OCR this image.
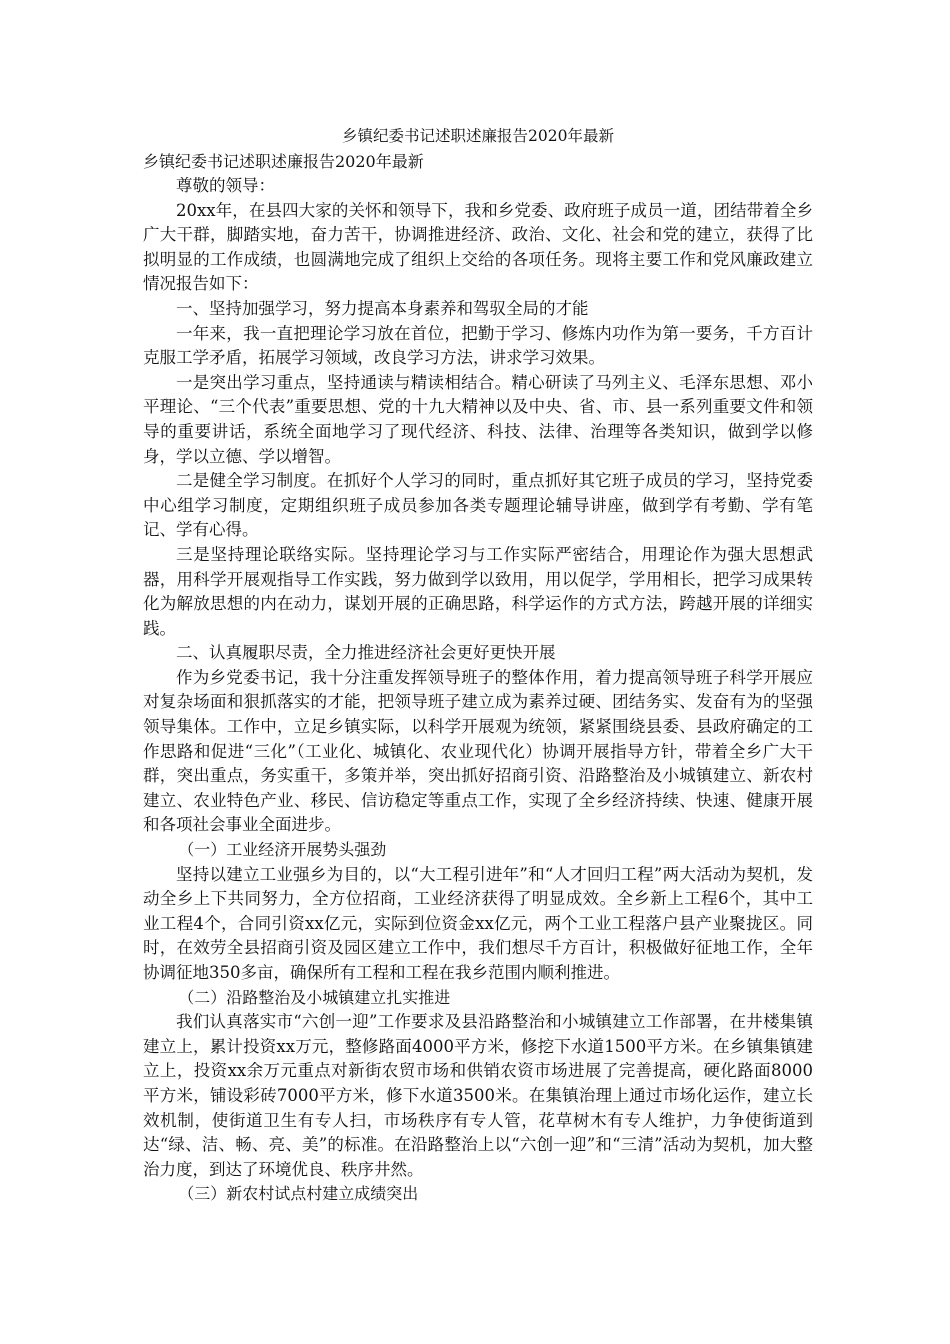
乡镇纪委书记述职述廉报告2020年最新

乡镇纪委书记述职述廉报告2020年最新

尊敬的领导：

20xx年，在县四大家的关怀和领导下，我和乡党委、政府班子成员一道，团结带着全乡广大干群，脚踏实地，奋力苦干，协调推进经济、政治、文化、社会和党的建立，获得了比拟明显的工作成绩，也圆满地完成了组织上交给的各项任务。现将主要工作和党风廉政建立情况报告如下：

一、坚持加强学习，努力提高本身素养和驾驭全局的才能

一年来，我一直把理论学习放在首位，把勤于学习、修炼内功作为第一要务，千方百计克服工学矛盾，拓展学习领域，改良学习方法，讲求学习效果。

一是突出学习重点，坚持通读与精读相结合。精心研读了马列主义、毛泽东思想、邓小平理论、“三个代表”重要思想、党的十九大精神以及中央、省、市、县一系列重要文件和领导的重要讲话，系统全面地学习了现代经济、科技、法律、治理等各类知识，做到学以修身，学以立德、学以增智。

二是健全学习制度。在抓好个人学习的同时，重点抓好其它班子成员的学习，坚持党委中心组学习制度，定期组织班子成员参加各类专题理论辅导讲座，做到学有考勤、学有笔记、学有心得。

三是坚持理论联络实际。坚持理论学习与工作实际严密结合，用理论作为强大思想武器，用科学开展观指导工作实践，努力做到学以致用，用以促学，学用相长，把学习成果转化为解放思想的内在动力，谋划开展的正确思路，科学运作的方式方法，跨越开展的详细实践。

二、认真履职尽责，全力推进经济社会更好更快开展

作为乡党委书记，我十分注重发挥领导班子的整体作用，着力提高领导班子科学开展应对复杂场面和狠抓落实的才能，把领导班子建立成为素养过硬、团结务实、发奋有为的坚强领导集体。工作中，立足乡镇实际，以科学开展观为统领，紧紧围绕县委、县政府确定的工作思路和促进“三化”（工业化、城镇化、农业现代化）协调开展指导方针，带着全乡广大干群，突出重点，务实重干，多策并举，突出抓好招商引资、沿路整治及小城镇建立、新农村建立、农业特色产业、移民、信访稳定等重点工作，实现了全乡经济持续、快速、健康开展和各项社会事业全面进步。

（一）工业经济开展势头强劲

坚持以建立工业强乡为目的，以“大工程引进年”和“人才回归工程”两大活动为契机，发动全乡上下共同努力，全方位招商，工业经济获得了明显成效。全乡新上工程6个，其中工业工程4个，合同引资xx亿元，实际到位资金xx亿元，两个工业工程落户县产业聚拢区。同时，在效劳全县招商引资及园区建立工作中，我们想尽千方百计，积极做好征地工作，全年协调征地350多亩，确保所有工程和工程在我乡范围内顺利推进。

（二）沿路整治及小城镇建立扎实推进

我们认真落实市“六创一迎”工作要求及县沿路整治和小城镇建立工作部署，在井楼集镇建立上，累计投资xx万元，整修路面4000平方米，修挖下水道1500平方米。在乡镇集镇建立上，投资xx余万元重点对新街农贸市场和供销农资市场进展了完善提高，硬化路面8000平方米，铺设彩砖7000平方米，修下水道3500米。在集镇治理上通过市场化运作，建立长效机制，使街道卫生有专人扫，市场秩序有专人管，花草树木有专人维护，力争使街道到达“绿、洁、畅、亮、美”的标准。在沿路整治上以“六创一迎”和“三清”活动为契机，加大整治力度，到达了环境优良、秩序井然。

（三）新农村试点村建立成绩突出
